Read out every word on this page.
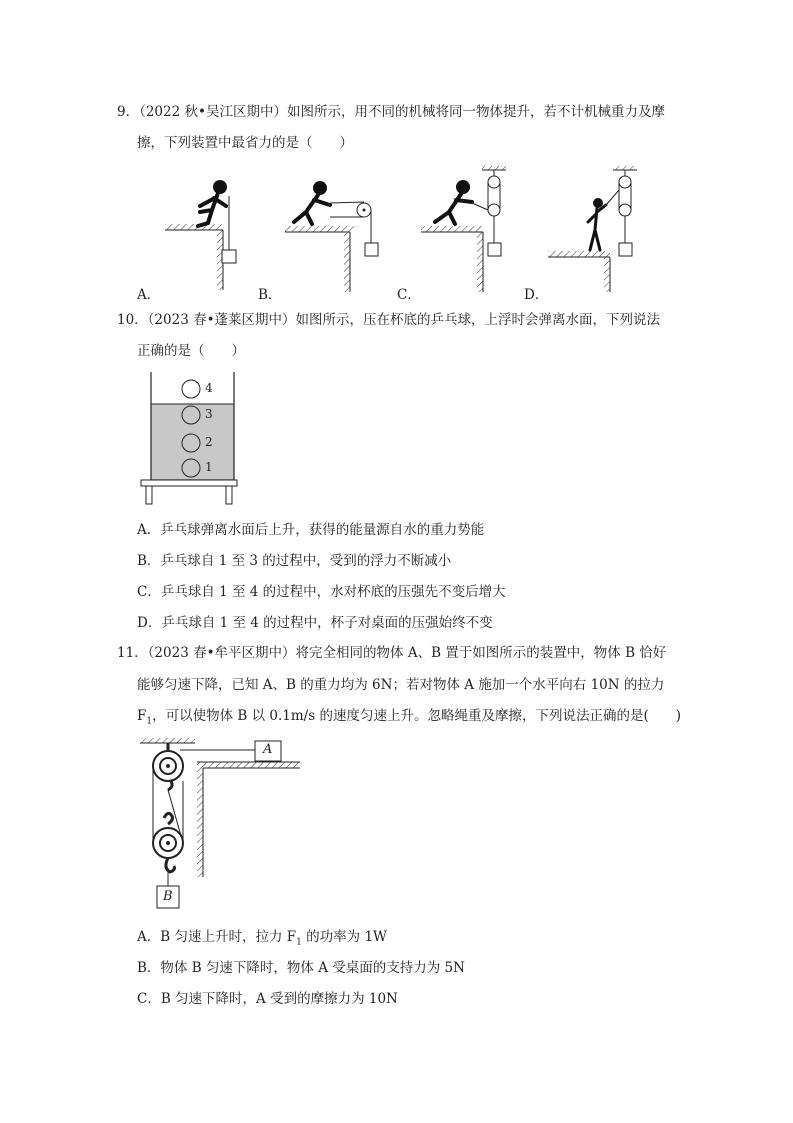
9．（2022 秋•吴江区期中）如图所示，用不同的机械将同一物体提升，若不计机械重力及摩
擦，下列装置中最省力的是（　　）
A．	B．	C．	D．
10．（2023 春•蓬莱区期中）如图所示，压在杯底的乒乓球，上浮时会弹离水面，下列说法
正确的是（　　）
4
3
2
1
A．乒乓球弹离水面后上升，获得的能量源自水的重力势能
B．乒乓球自 1 至 3 的过程中，受到的浮力不断减小
C．乒乓球自 1 至 4 的过程中，水对杯底的压强先不变后增大
D．乒乓球自 1 至 4 的过程中，杯子对桌面的压强始终不变
11．（2023 春•牟平区期中）将完全相同的物体 A、B 置于如图所示的装置中，物体 B 恰好
能够匀速下降，已知 A、B 的重力均为 6N；若对物体 A 施加一个水平向右 10N 的拉力
$F_1$，可以使物体 B 以 0.1m/s 的速度匀速上升。忽略绳重及摩擦，下列说法正确的是(　　)
A
B
A．B 匀速上升时，拉力 $F_1$ 的功率为 1W
B．物体 B 匀速下降时，物体 A 受桌面的支持力为 5N
C．B 匀速下降时，A 受到的摩擦力为 10N
